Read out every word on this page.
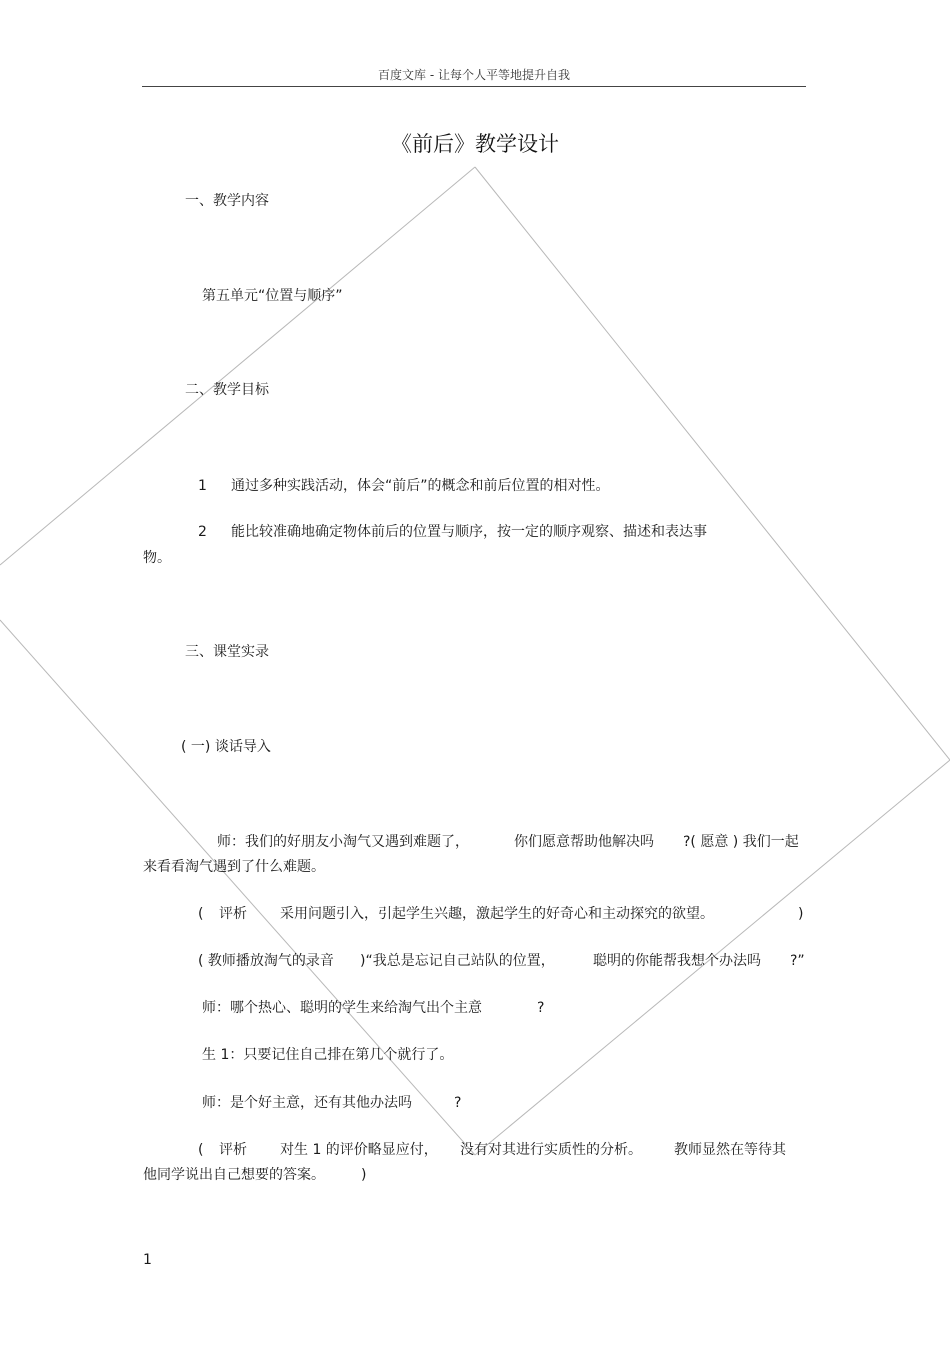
百度文库 - 让每个人平等地提升自我
《前后》教学设计
一、教学内容
第五单元“位置与顺序”
二、教学目标
1 通过多种实践活动，体会“前后”的概念和前后位置的相对性。
2 能比较准确地确定物体前后的位置与顺序，按一定的顺序观察、描述和表达事
物。
三、课堂实录
( 一) 谈话导入
师：我们的好朋友小淘气又遇到难题了，	你们愿意帮助他解决吗 ?( 愿意 ) 我们一起
来看看淘气遇到了什么难题。
( 评析 采用问题引入，引起学生兴趣，激起学生的好奇心和主动探究的欲望。	)
( 教师播放淘气的录音 )“我总是忘记自己站队的位置，	聪明的你能帮我想个办法吗 ?”
师：哪个热心、聪明的学生来给淘气出个主意	?
生 1：只要记住自己排在第几个就行了。
师：是个好主意，还有其他办法吗	?
( 评析 对生 1 的评价略显应付， 没有对其进行实质性的分析。 教师显然在等待其
他同学说出自己想要的答案。	)
1
